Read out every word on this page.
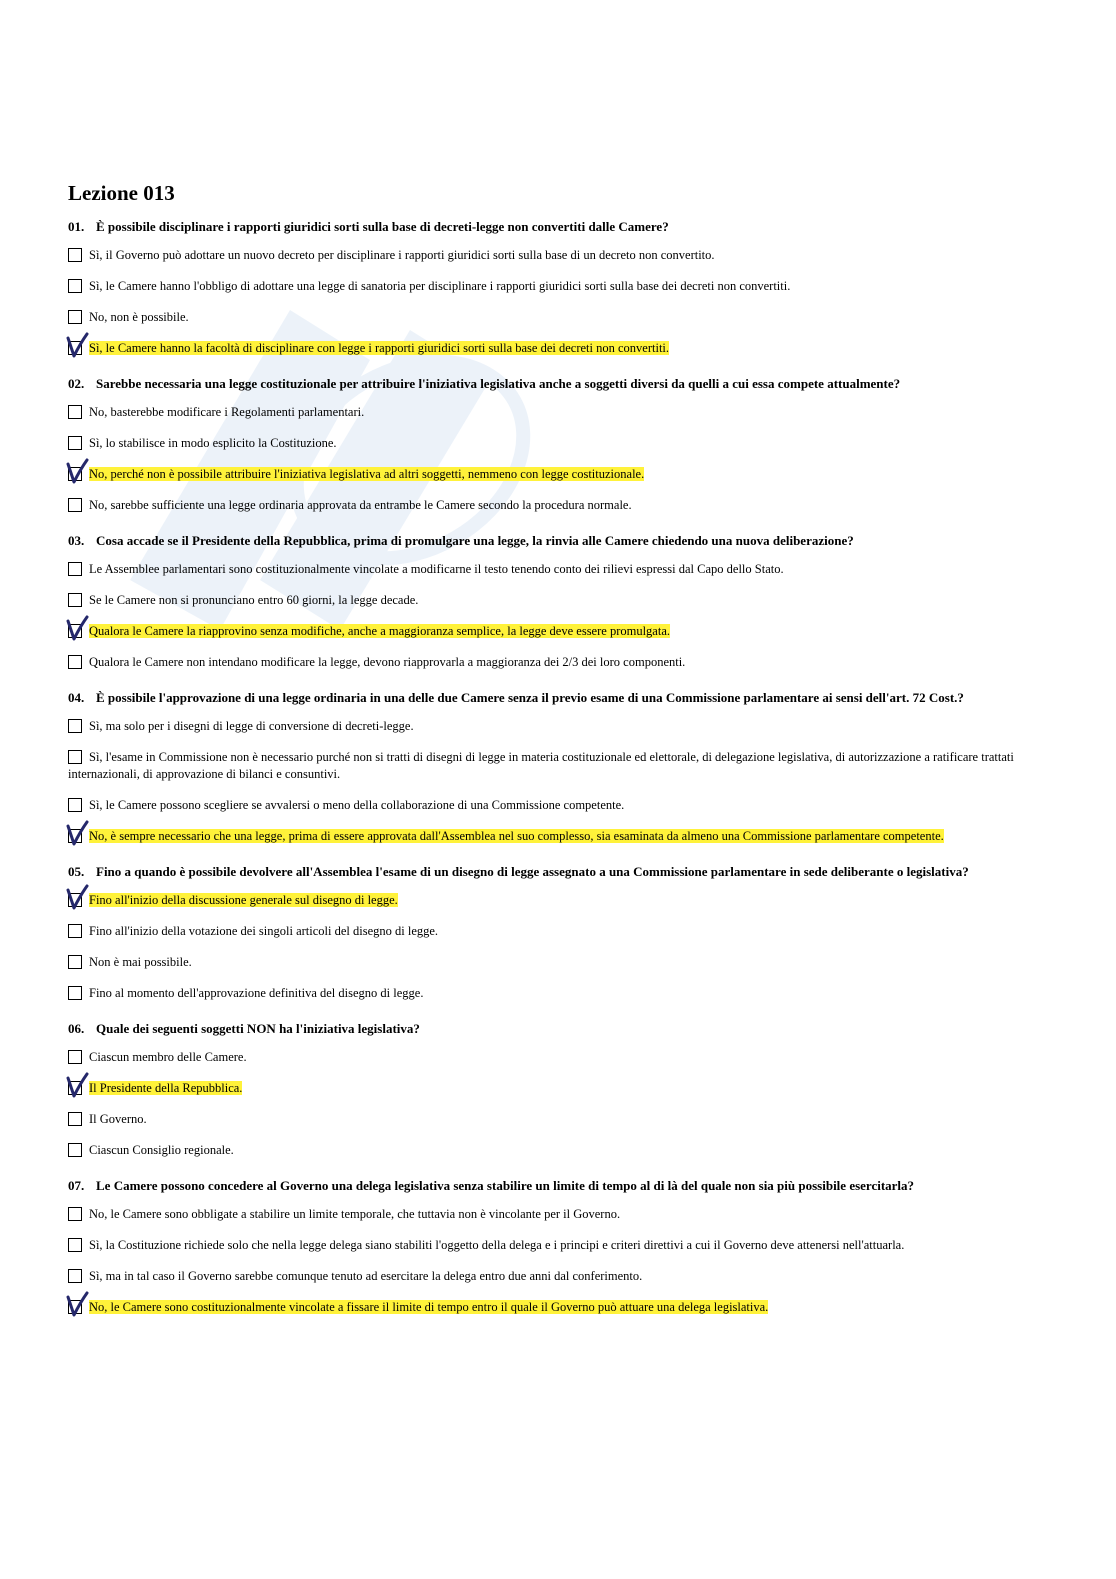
Lezione 013

01. È possibile disciplinare i rapporti giuridici sorti sulla base di decreti-legge non convertiti dalle Camere?

Sì, il Governo può adottare un nuovo decreto per disciplinare i rapporti giuridici sorti sulla base di un decreto non convertito.
Sì, le Camere hanno l'obbligo di adottare una legge di sanatoria per disciplinare i rapporti giuridici sorti sulla base dei decreti non convertiti.
No, non è possibile.
Sì, le Camere hanno la facoltà di disciplinare con legge i rapporti giuridici sorti sulla base dei decreti non convertiti.

02. Sarebbe necessaria una legge costituzionale per attribuire l'iniziativa legislativa anche a soggetti diversi da quelli a cui essa compete attualmente?

No, basterebbe modificare i Regolamenti parlamentari.
Sì, lo stabilisce in modo esplicito la Costituzione.
No, perché non è possibile attribuire l'iniziativa legislativa ad altri soggetti, nemmeno con legge costituzionale.
No, sarebbe sufficiente una legge ordinaria approvata da entrambe le Camere secondo la procedura normale.

03. Cosa accade se il Presidente della Repubblica, prima di promulgare una legge, la rinvia alle Camere chiedendo una nuova deliberazione?

Le Assemblee parlamentari sono costituzionalmente vincolate a modificarne il testo tenendo conto dei rilievi espressi dal Capo dello Stato.
Se le Camere non si pronunciano entro 60 giorni, la legge decade.
Qualora le Camere la riapprovino senza modifiche, anche a maggioranza semplice, la legge deve essere promulgata.
Qualora le Camere non intendano modificare la legge, devono riapprovarla a maggioranza dei 2/3 dei loro componenti.

04. È possibile l'approvazione di una legge ordinaria in una delle due Camere senza il previo esame di una Commissione parlamentare ai sensi dell'art. 72 Cost.?

Sì, ma solo per i disegni di legge di conversione di decreti-legge.
Sì, l'esame in Commissione non è necessario purché non si tratti di disegni di legge in materia costituzionale ed elettorale, di delegazione legislativa, di autorizzazione a ratificare trattati internazionali, di approvazione di bilanci e consuntivi.
Sì, le Camere possono scegliere se avvalersi o meno della collaborazione di una Commissione competente.
No, è sempre necessario che una legge, prima di essere approvata dall'Assemblea nel suo complesso, sia esaminata da almeno una Commissione parlamentare competente.

05. Fino a quando è possibile devolvere all'Assemblea l'esame di un disegno di legge assegnato a una Commissione parlamentare in sede deliberante o legislativa?

Fino all'inizio della discussione generale sul disegno di legge.
Fino all'inizio della votazione dei singoli articoli del disegno di legge.
Non è mai possibile.
Fino al momento dell'approvazione definitiva del disegno di legge.

06. Quale dei seguenti soggetti NON ha l'iniziativa legislativa?

Ciascun membro delle Camere.
Il Presidente della Repubblica.
Il Governo.
Ciascun Consiglio regionale.

07. Le Camere possono concedere al Governo una delega legislativa senza stabilire un limite di tempo al di là del quale non sia più possibile esercitarla?

No, le Camere sono obbligate a stabilire un limite temporale, che tuttavia non è vincolante per il Governo.
Sì, la Costituzione richiede solo che nella legge delega siano stabiliti l'oggetto della delega e i principi e criteri direttivi a cui il Governo deve attenersi nell'attuarla.
Sì, ma in tal caso il Governo sarebbe comunque tenuto ad esercitare la delega entro due anni dal conferimento.
No, le Camere sono costituzionalmente vincolate a fissare il limite di tempo entro il quale il Governo può attuare una delega legislativa.
